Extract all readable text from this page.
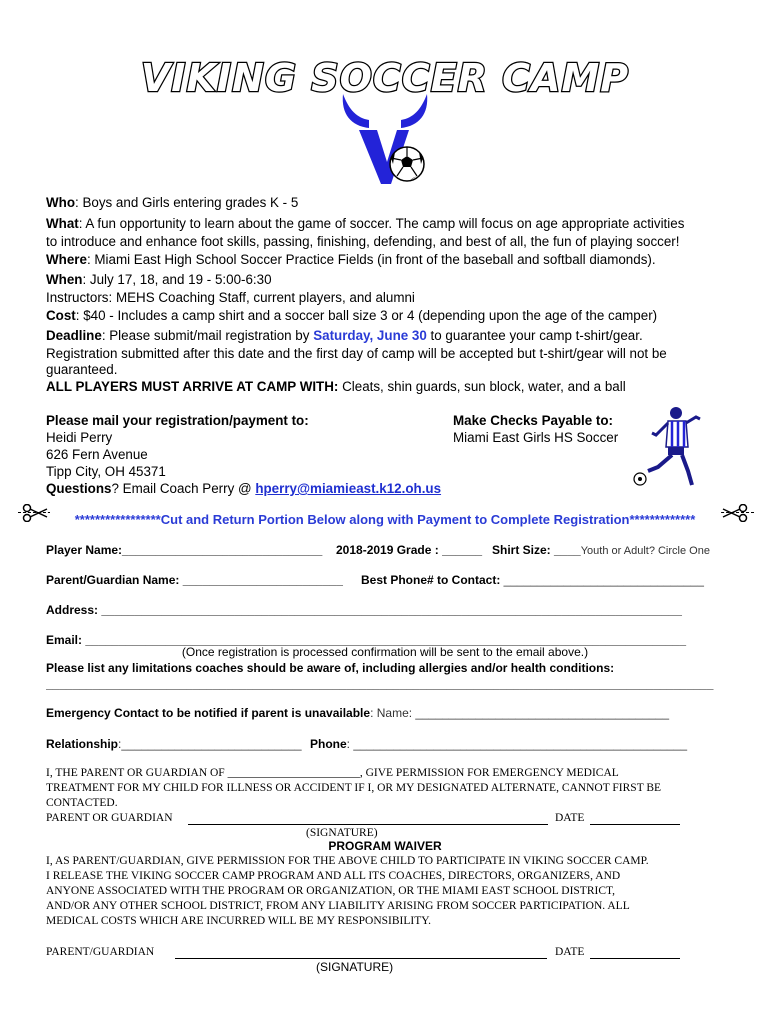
VIKING SOCCER CAMP
Who: Boys and Girls entering grades K - 5
What: A fun opportunity to learn about the game of soccer. The camp will focus on age appropriate activities
to introduce and enhance foot skills, passing, finishing, defending, and best of all, the fun of playing soccer!
Where: Miami East High School Soccer Practice Fields (in front of the baseball and softball diamonds).
When: July 17, 18, and 19 - 5:00-6:30
Instructors: MEHS Coaching Staff, current players, and alumni
Cost: $40 - Includes a camp shirt and a soccer ball size 3 or 4 (depending upon the age of the camper)
Deadline: Please submit/mail registration by Saturday, June 30 to guarantee your camp t-shirt/gear.
Registration submitted after this date and the first day of camp will be accepted but t-shirt/gear will not be
guaranteed.
ALL PLAYERS MUST ARRIVE AT CAMP WITH: Cleats, shin guards, sun block, water, and a ball
Please mail your registration/payment to:
Heidi Perry
626 Fern Avenue
Tipp City, OH 45371
Questions? Email Coach Perry @ hperry@miamieast.k12.oh.us
Make Checks Payable to:
Miami East Girls HS Soccer
*****************Cut and Return Portion Below along with Payment to Complete Registration*************
Player Name:______________________________ 2018-2019 Grade : ______ Shirt Size: ____Youth or Adult? Circle One
Parent/Guardian Name: ________________________ Best Phone# to Contact: ______________________________
Address: _______________________________________________________________________________________
Email: __________________________________________________________________________________________
(Once registration is processed confirmation will be sent to the email above.)
Please list any limitations coaches should be aware of, including allergies and/or health conditions:
____________________________________________________________________________________________________
Emergency Contact to be notified if parent is unavailable: Name: ______________________________________
Relationship:___________________________ Phone: __________________________________________________
I, THE PARENT OR GUARDIAN OF _______________________, GIVE PERMISSION FOR EMERGENCY MEDICAL
TREATMENT FOR MY CHILD FOR ILLNESS OR ACCIDENT IF I, OR MY DESIGNATED ALTERNATE, CANNOT FIRST BE
CONTACTED.
PARENT OR GUARDIAN	DATE
(SIGNATURE)
PROGRAM WAIVER
I, AS PARENT/GUARDIAN, GIVE PERMISSION FOR THE ABOVE CHILD TO PARTICIPATE IN VIKING SOCCER CAMP.
I RELEASE THE VIKING SOCCER CAMP PROGRAM AND ALL ITS COACHES, DIRECTORS, ORGANIZERS, AND
ANYONE ASSOCIATED WITH THE PROGRAM OR ORGANIZATION, OR THE MIAMI EAST SCHOOL DISTRICT,
AND/OR ANY OTHER SCHOOL DISTRICT, FROM ANY LIABILITY ARISING FROM SOCCER PARTICIPATION. ALL
MEDICAL COSTS WHICH ARE INCURRED WILL BE MY RESPONSIBILITY.
PARENT/GUARDIAN	DATE
(SIGNATURE)
